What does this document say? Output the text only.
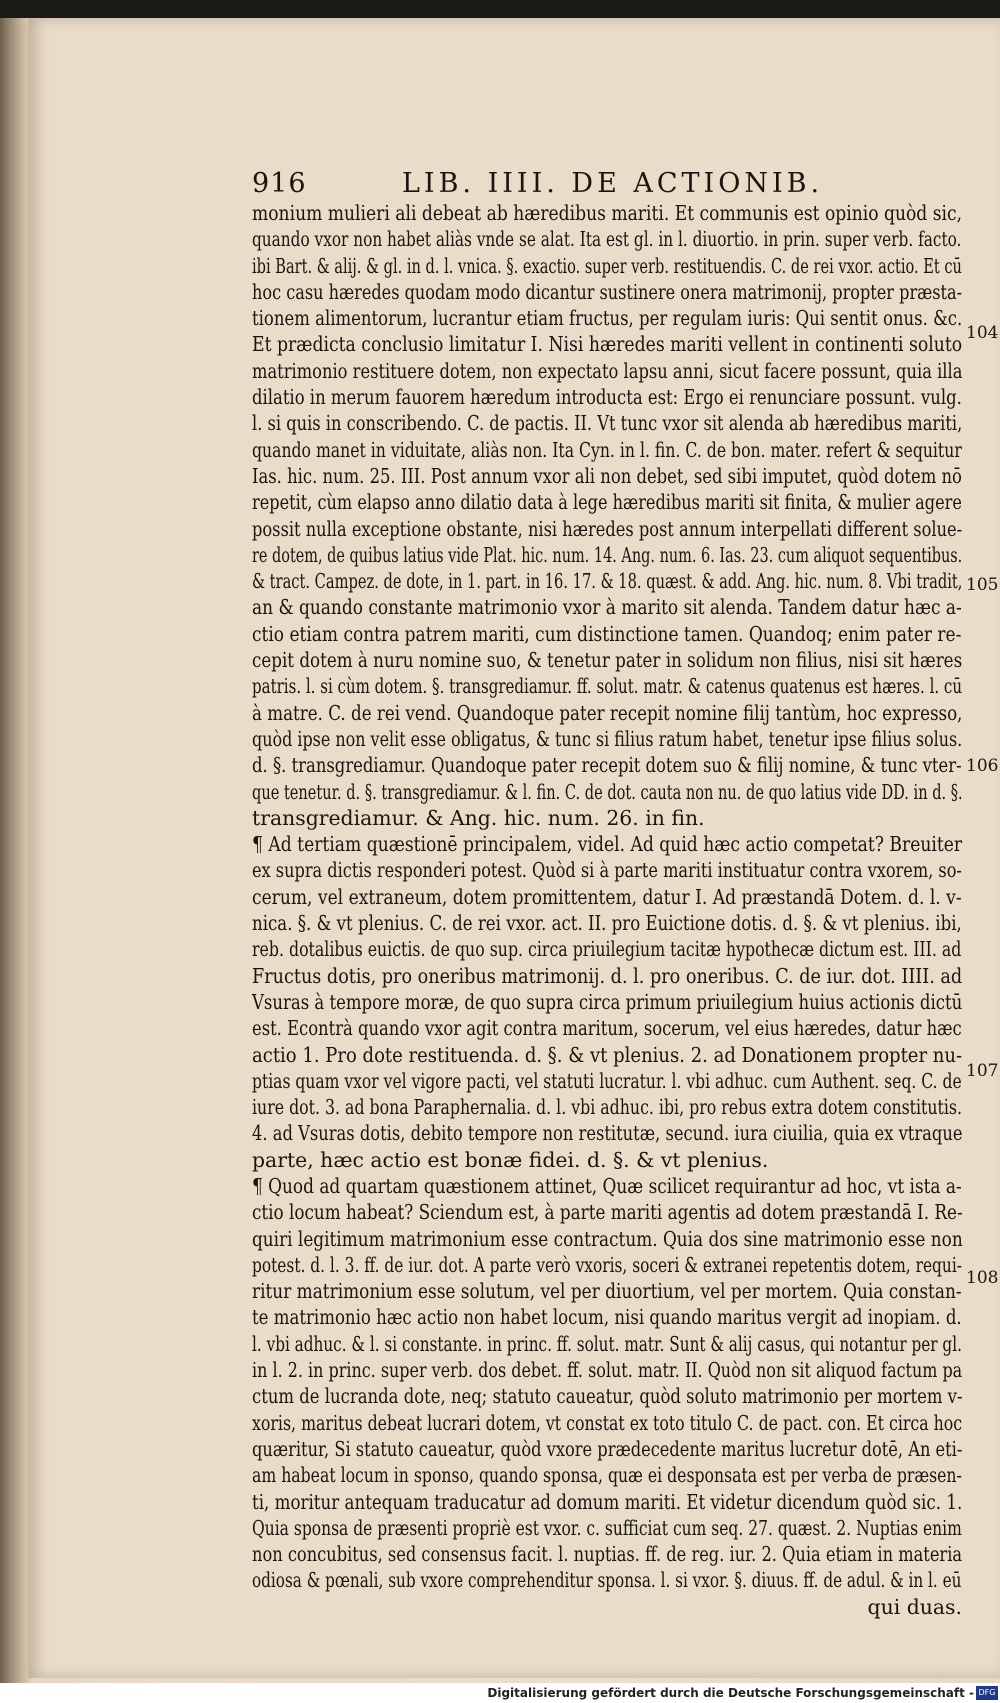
916	LIB. IIII. DE ACTIONIB.
monium mulieri ali debeat ab hæredibus mariti. Et communis est opinio quòd sic,
quando vxor non habet aliàs vnde se alat. Ita est gl. in l. diuortio. in prin. super verb. facto.
ibi Bart. & alij. & gl. in d. l. vnica. §. exactio. super verb. restituendis. C. de rei vxor. actio. Et cū
hoc casu hæredes quodam modo dicantur sustinere onera matrimonij, propter præsta-
tionem alimentorum, lucrantur etiam fructus, per regulam iuris: Qui sentit onus. &c.
Et prædicta conclusio limitatur I. Nisi hæredes mariti vellent in continenti soluto
matrimonio restituere dotem, non expectato lapsu anni, sicut facere possunt, quia illa
dilatio in merum fauorem hæredum introducta est: Ergo ei renunciare possunt. vulg.
l. si quis in conscribendo. C. de pactis. II. Vt tunc vxor sit alenda ab hæredibus mariti,
quando manet in viduitate, aliàs non. Ita Cyn. in l. fin. C. de bon. mater. refert & sequitur
Ias. hic. num. 25. III. Post annum vxor ali non debet, sed sibi imputet, quòd dotem nō
repetit, cùm elapso anno dilatio data à lege hæredibus mariti sit finita, & mulier agere
possit nulla exceptione obstante, nisi hæredes post annum interpellati different solue-
re dotem, de quibus latius vide Plat. hic. num. 14. Ang. num. 6. Ias. 23. cum aliquot sequentibus.
& tract. Campez. de dote, in 1. part. in 16. 17. & 18. quæst. & add. Ang. hic. num. 8. Vbi tradit,
an & quando constante matrimonio vxor à marito sit alenda. Tandem datur hæc a-
ctio etiam contra patrem mariti, cum distinctione tamen. Quandoq; enim pater re-
cepit dotem à nuru nomine suo, & tenetur pater in solidum non filius, nisi sit hæres
patris. l. si cùm dotem. §. transgrediamur. ff. solut. matr. & catenus quatenus est hæres. l. cū
à matre. C. de rei vend. Quandoque pater recepit nomine filij tantùm, hoc expresso,
quòd ipse non velit esse obligatus, & tunc si filius ratum habet, tenetur ipse filius solus.
d. §. transgrediamur. Quandoque pater recepit dotem suo & filij nomine, & tunc vter-
que tenetur. d. §. transgrediamur. & l. fin. C. de dot. cauta non nu. de quo latius vide DD. in d. §.
transgrediamur. & Ang. hic. num. 26. in fin.
¶ Ad tertiam quæstionē principalem, videl. Ad quid hæc actio competat? Breuiter
ex supra dictis responderi potest. Quòd si à parte mariti instituatur contra vxorem, so-
cerum, vel extraneum, dotem promittentem, datur I. Ad præstandā Dotem. d. l. v-
nica. §. & vt plenius. C. de rei vxor. act. II. pro Euictione dotis. d. §. & vt plenius. ibi,
reb. dotalibus euictis. de quo sup. circa priuilegium tacitæ hypothecæ dictum est. III. ad
Fructus dotis, pro oneribus matrimonij. d. l. pro oneribus. C. de iur. dot. IIII. ad
Vsuras à tempore moræ, de quo supra circa primum priuilegium huius actionis dictū
est. Econtrà quando vxor agit contra maritum, socerum, vel eius hæredes, datur hæc
actio 1. Pro dote restituenda. d. §. & vt plenius. 2. ad Donationem propter nu-
ptias quam vxor vel vigore pacti, vel statuti lucratur. l. vbi adhuc. cum Authent. seq. C. de
iure dot. 3. ad bona Paraphernalia. d. l. vbi adhuc. ibi, pro rebus extra dotem constitutis.
4. ad Vsuras dotis, debito tempore non restitutæ, secund. iura ciuilia, quia ex vtraque
parte, hæc actio est bonæ fidei. d. §. & vt plenius.
¶ Quod ad quartam quæstionem attinet, Quæ scilicet requirantur ad hoc, vt ista a-
ctio locum habeat? Sciendum est, à parte mariti agentis ad dotem præstandā I. Re-
quiri legitimum matrimonium esse contractum. Quia dos sine matrimonio esse non
potest. d. l. 3. ff. de iur. dot. A parte verò vxoris, soceri & extranei repetentis dotem, requi-
ritur matrimonium esse solutum, vel per diuortium, vel per mortem. Quia constan-
te matrimonio hæc actio non habet locum, nisi quando maritus vergit ad inopiam. d.
l. vbi adhuc. & l. si constante. in princ. ff. solut. matr. Sunt & alij casus, qui notantur per gl.
in l. 2. in princ. super verb. dos debet. ff. solut. matr. II. Quòd non sit aliquod factum pa
ctum de lucranda dote, neq; statuto caueatur, quòd soluto matrimonio per mortem v-
xoris, maritus debeat lucrari dotem, vt constat ex toto titulo C. de pact. con. Et circa hoc
quæritur, Si statuto caueatur, quòd vxore prædecedente maritus lucretur dotē, An eti-
am habeat locum in sponso, quando sponsa, quæ ei desponsata est per verba de præsen-
ti, moritur antequam traducatur ad domum mariti. Et videtur dicendum quòd sic. 1.
Quia sponsa de præsenti propriè est vxor. c. sufficiat cum seq. 27. quæst. 2. Nuptias enim
non concubitus, sed consensus facit. l. nuptias. ff. de reg. iur. 2. Quia etiam in materia
odiosa & pœnali, sub vxore comprehenditur sponsa. l. si vxor. §. diuus. ff. de adul. & in l. eū
qui duas.
104
105
106
107
108
Digitalisierung gefördert durch die Deutsche Forschungsgemeinschaft - DFG
